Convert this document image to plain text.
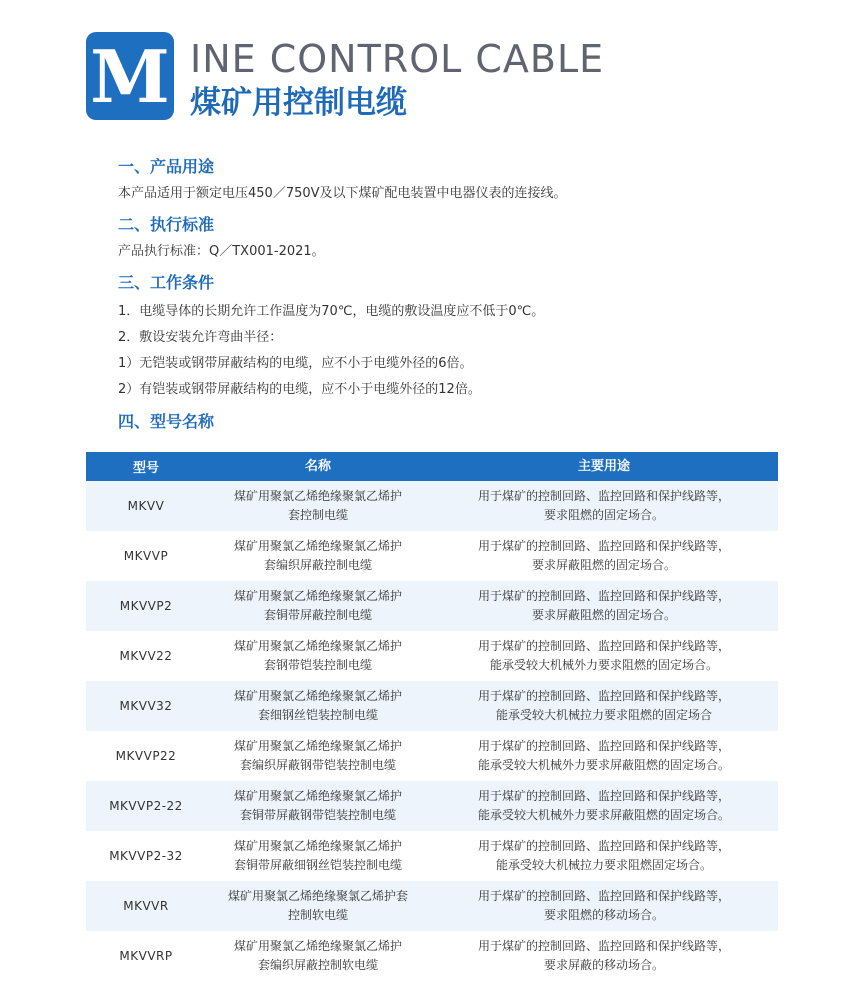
M INE CONTROL CABLE
煤矿用控制电缆
一、产品用途
本产品适用于额定电压450／750V及以下煤矿配电装置中电器仪表的连接线。
二、执行标准
产品执行标准：Q／TX001-2021。
三、工作条件
1．电缆导体的长期允许工作温度为70℃，电缆的敷设温度应不低于0℃。
2．敷设安装允许弯曲半径：
1）无铠装或钢带屏蔽结构的电缆，应不小于电缆外径的6倍。
2）有铠装或钢带屏蔽结构的电缆，应不小于电缆外径的12倍。
四、型号名称
型号	名称	主要用途
MKVV
煤矿用聚氯乙烯绝缘聚氯乙烯护
套控制电缆
用于煤矿的控制回路、监控回路和保护线路等，
要求阻燃的固定场合。
MKVVP
煤矿用聚氯乙烯绝缘聚氯乙烯护
套编织屏蔽控制电缆
用于煤矿的控制回路、监控回路和保护线路等，
要求屏蔽阻燃的固定场合。
MKVVP2
煤矿用聚氯乙烯绝缘聚氯乙烯护
套铜带屏蔽控制电缆
用于煤矿的控制回路、监控回路和保护线路等，
要求屏蔽阻燃的固定场合。
MKVV22
煤矿用聚氯乙烯绝缘聚氯乙烯护
套钢带铠装控制电缆
用于煤矿的控制回路、监控回路和保护线路等，
能承受较大机械外力要求阻燃的固定场合。
MKVV32
煤矿用聚氯乙烯绝缘聚氯乙烯护
套细钢丝铠装控制电缆
用于煤矿的控制回路、监控回路和保护线路等，
能承受较大机械拉力要求阻燃的固定场合
MKVVP22
煤矿用聚氯乙烯绝缘聚氯乙烯护
套编织屏蔽钢带铠装控制电缆
用于煤矿的控制回路、监控回路和保护线路等，
能承受较大机械外力要求屏蔽阻燃的固定场合。
MKVVP2-22
煤矿用聚氯乙烯绝缘聚氯乙烯护
套铜带屏蔽钢带铠装控制电缆
用于煤矿的控制回路、监控回路和保护线路等，
能承受较大机械外力要求屏蔽阻燃的固定场合。
MKVVP2-32
煤矿用聚氯乙烯绝缘聚氯乙烯护
套铜带屏蔽细钢丝铠装控制电缆
用于煤矿的控制回路、监控回路和保护线路等，
能承受较大机械拉力要求阻燃固定场合。
MKVVR
煤矿用聚氯乙烯绝缘聚氯乙烯护套
控制软电缆
用于煤矿的控制回路、监控回路和保护线路等，
要求阻燃的移动场合。
MKVVRP
煤矿用聚氯乙烯绝缘聚氯乙烯护
套编织屏蔽控制软电缆
用于煤矿的控制回路、监控回路和保护线路等，
要求屏蔽的移动场合。
